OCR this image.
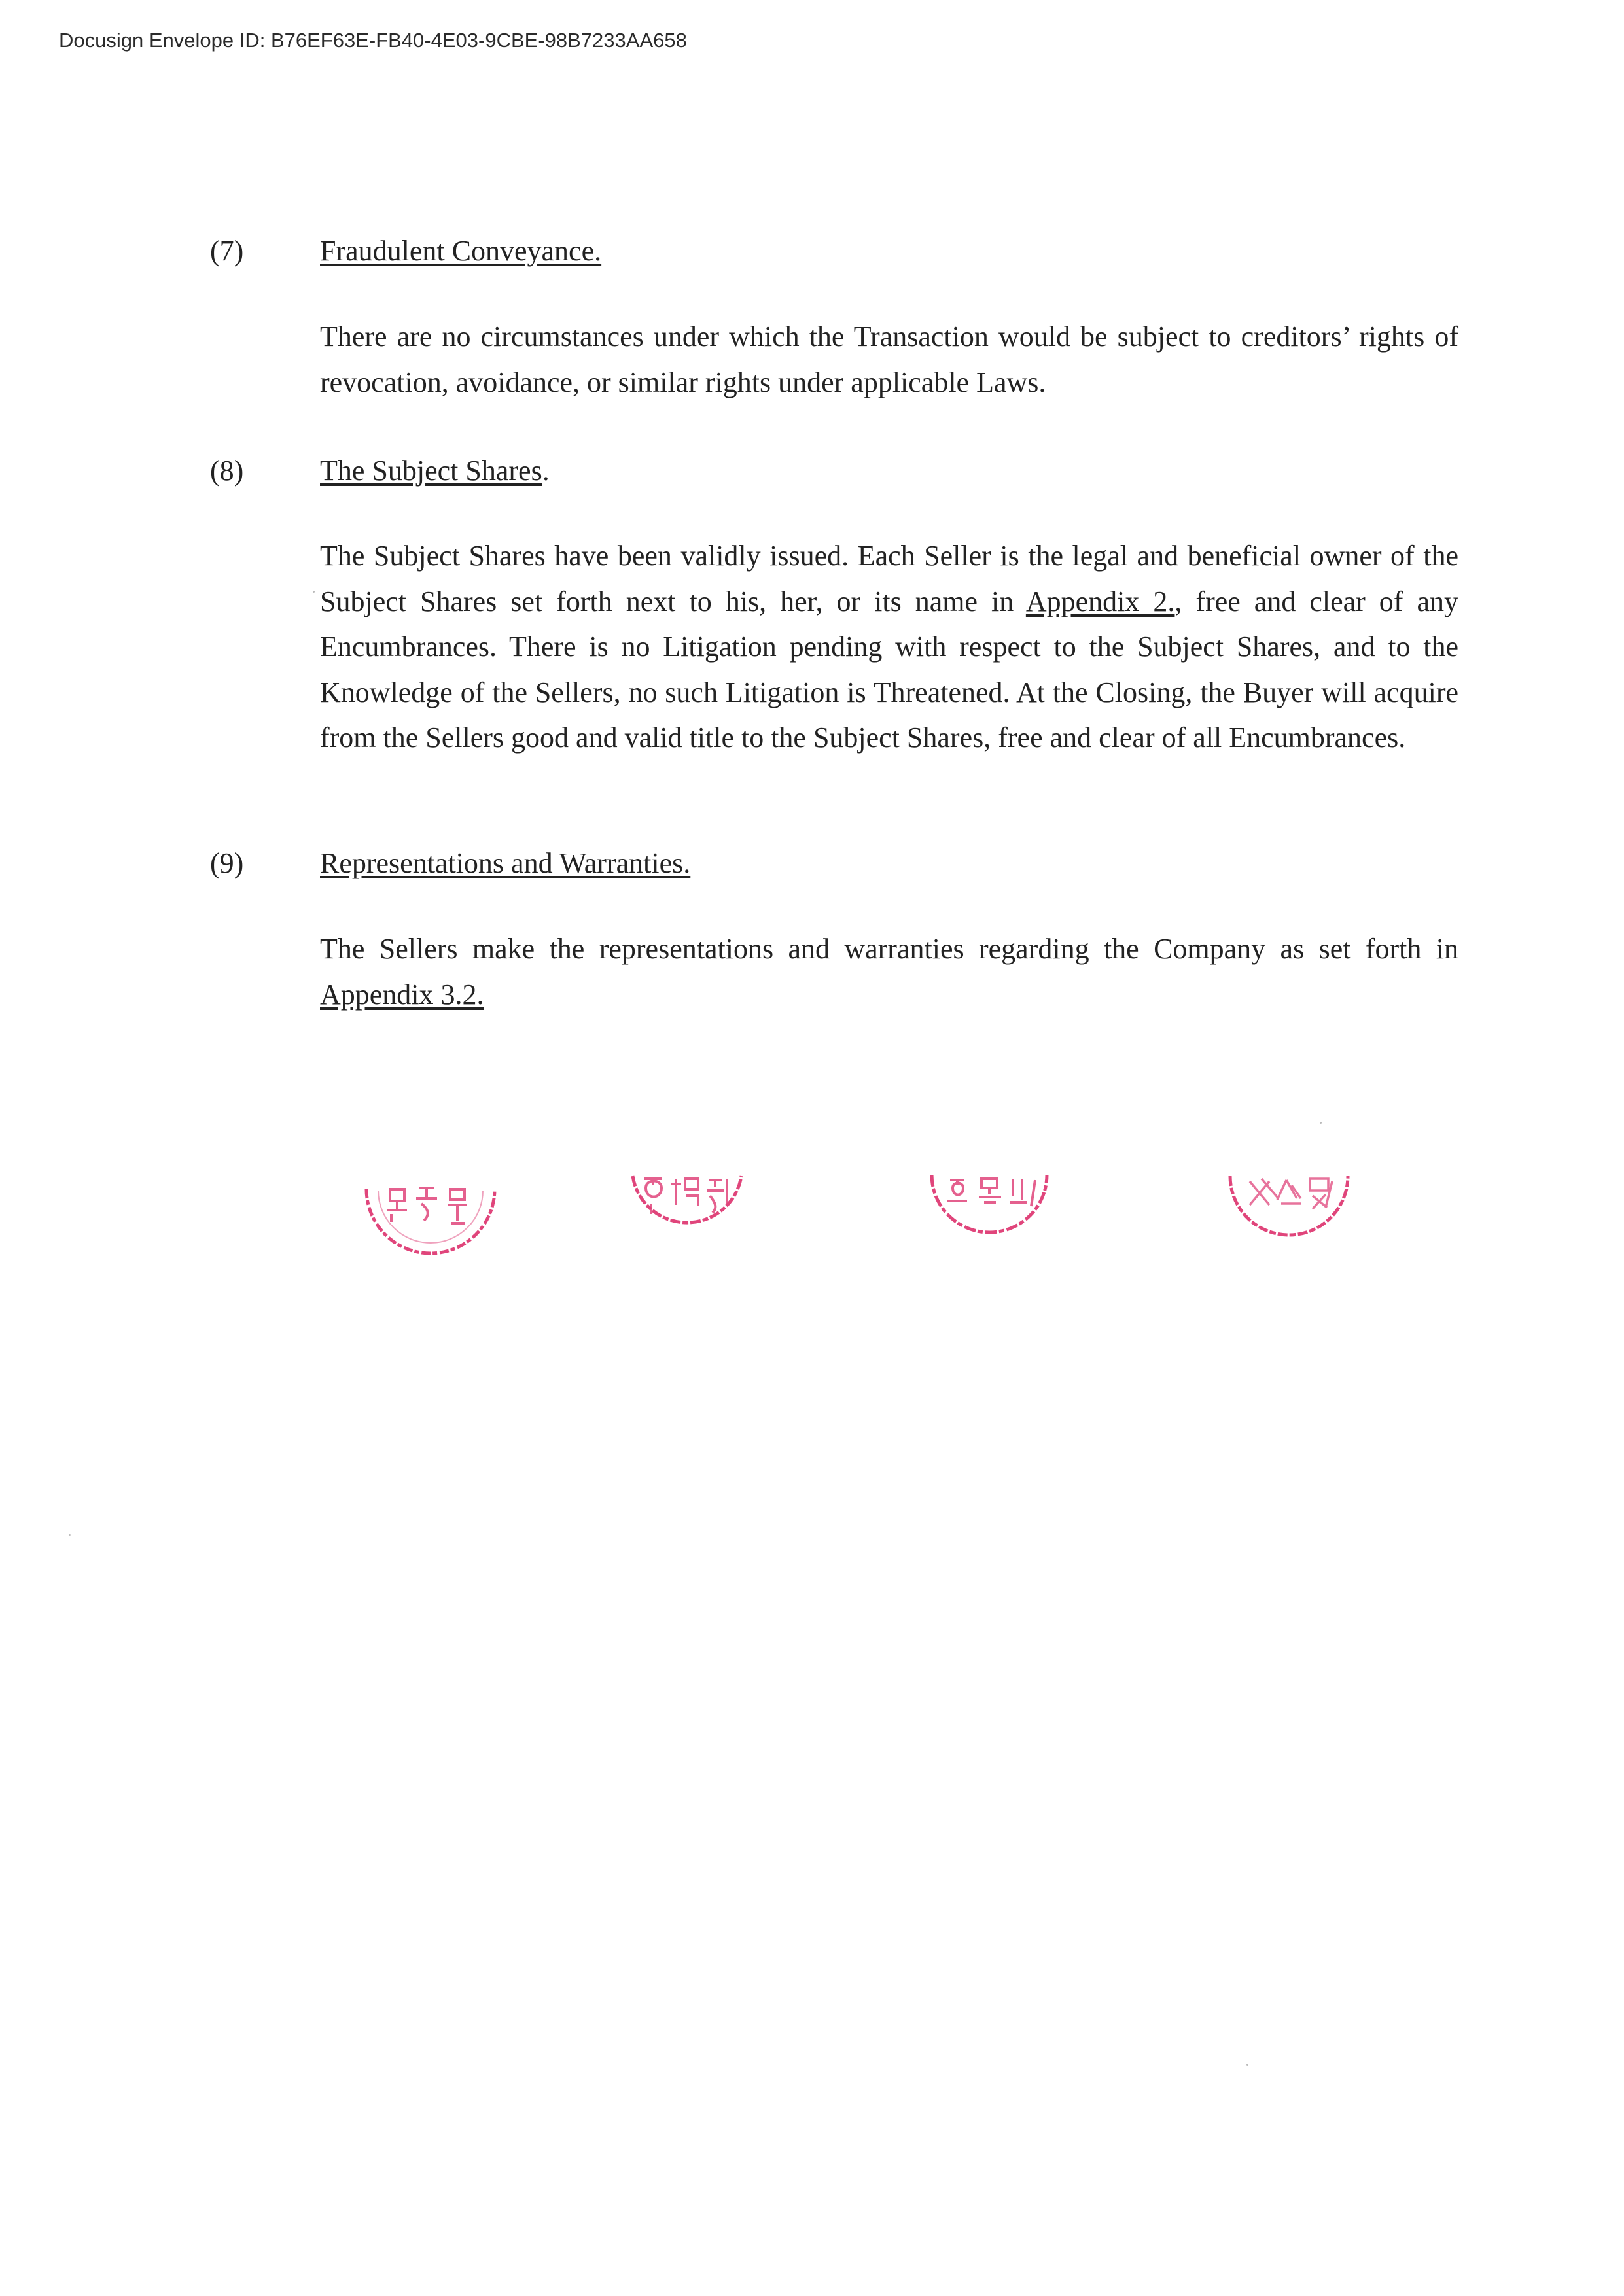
Docusign Envelope ID: B76EF63E-FB40-4E03-9CBE-98B7233AA658
(7)	Fraudulent Conveyance.
There are no circumstances under which the Transaction would be subject to creditors’ rights of revocation, avoidance, or similar rights under applicable Laws.
(8)	The Subject Shares.
The Subject Shares have been validly issued. Each Seller is the legal and beneficial owner of the Subject Shares set forth next to his, her, or its name in Appendix 2., free and clear of any Encumbrances. There is no Litigation pending with respect to the Subject Shares, and to the Knowledge of the Sellers, no such Litigation is Threatened. At the Closing, the Buyer will acquire from the Sellers good and valid title to the Subject Shares, free and clear of all Encumbrances.
(9)	Representations and Warranties.
The Sellers make the representations and warranties regarding the Company as set forth in Appendix 3.2.
